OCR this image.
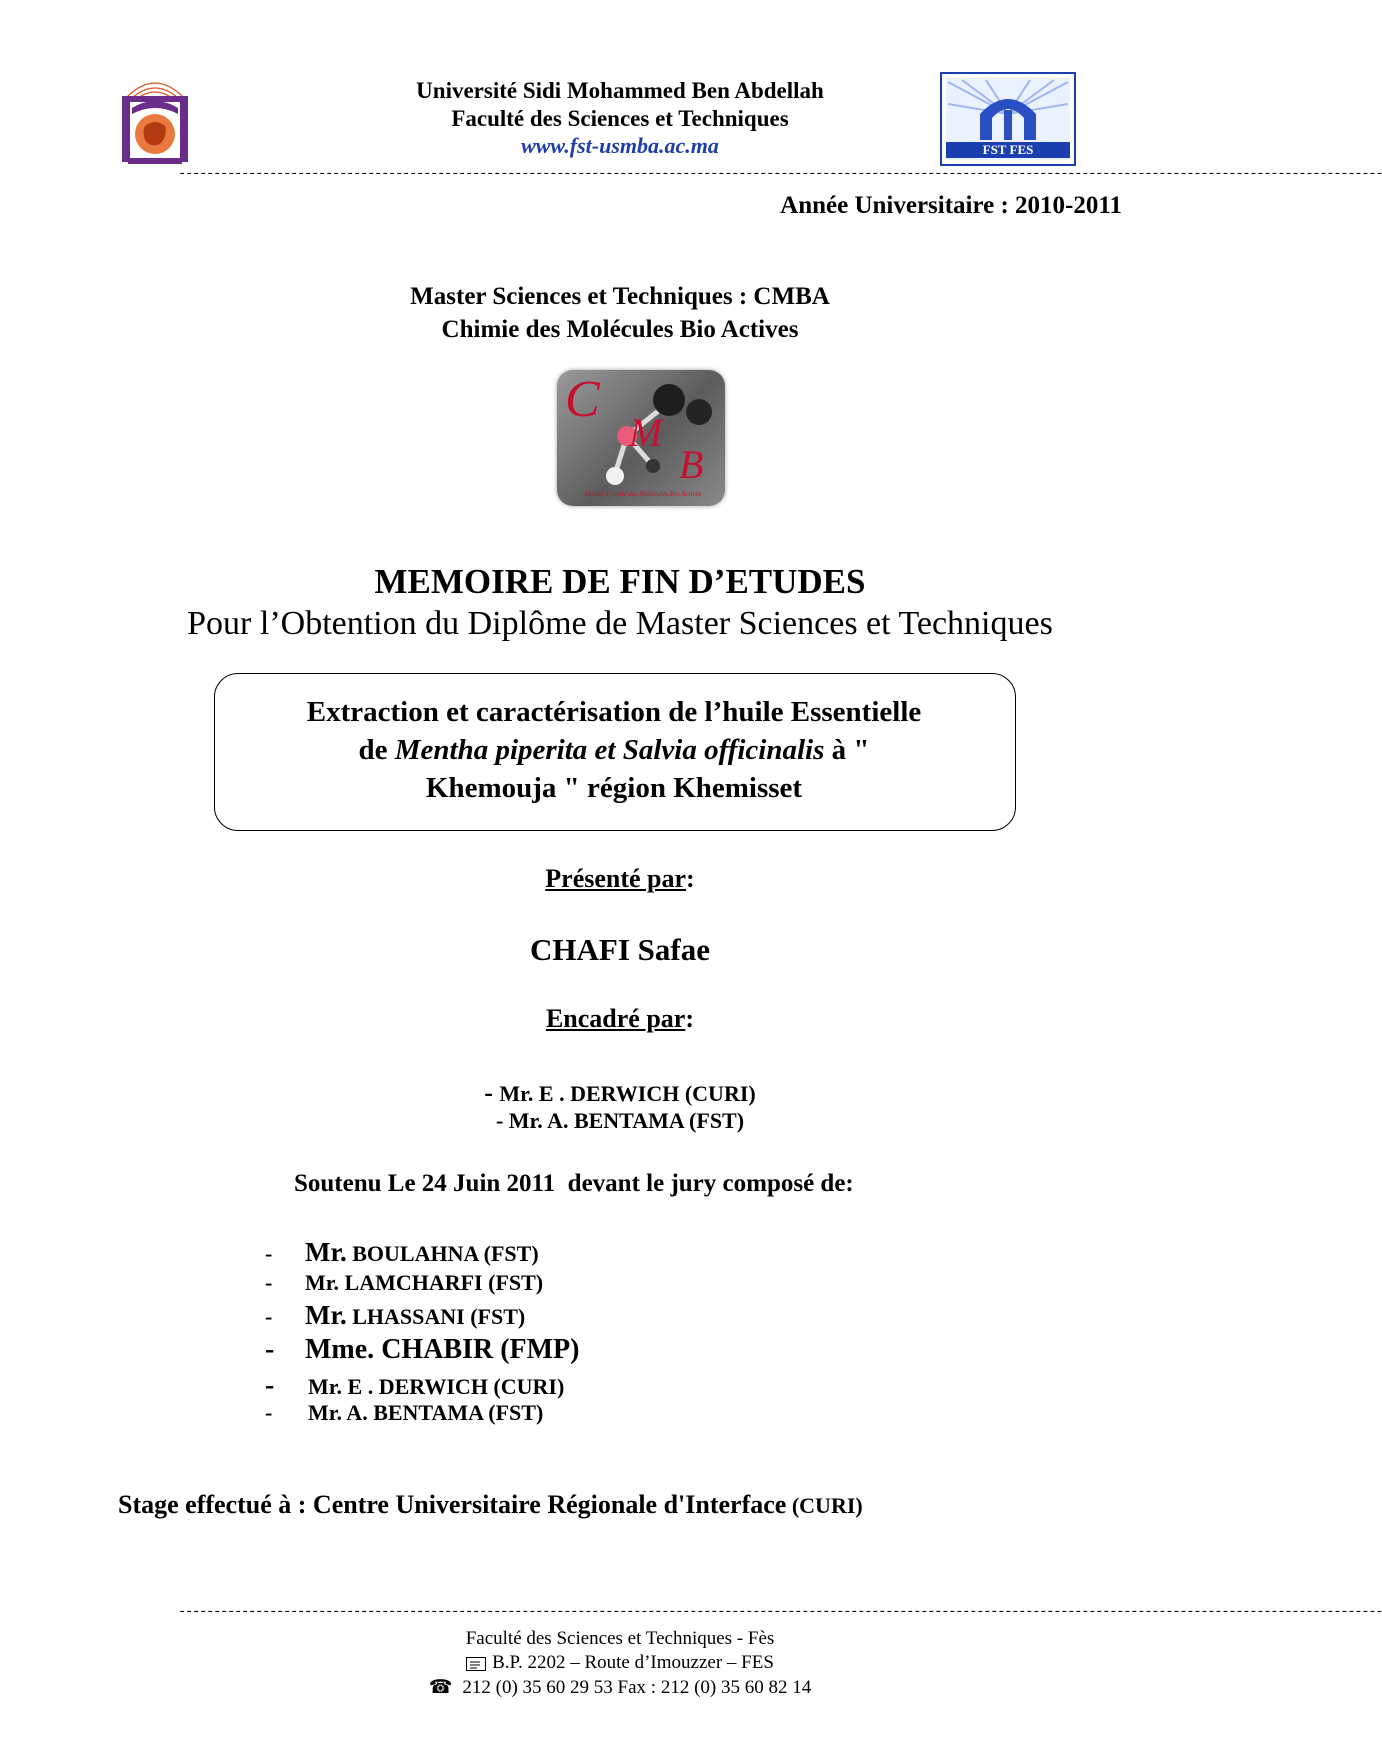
Université Sidi Mohammed Ben Abdellah
Faculté des Sciences et Techniques
www.fst-usmba.ac.ma	FST FES
----------------------------------------------------------------------------------------------------------------------------------------------------------------------------
Année Universitaire : 2010-2011
Master Sciences et Techniques : CMBA
Chimie des Molécules Bio Actives
C
M
B
Master Chimie des Molécules Bio Actives
MEMOIRE DE FIN D’ETUDES
Pour l’Obtention du Diplôme de Master Sciences et Techniques
Extraction et caractérisation de l’huile Essentielle
de Mentha piperita et Salvia officinalis à "
Khemouja " région Khemisset
Présenté par:
CHAFI Safae
Encadré par:
- Mr. E . DERWICH (CURI)
- Mr. A. BENTAMA (FST)
Soutenu Le 24 Juin 2011  devant le jury composé de:
- Mr. BOULAHNA (FST)
- Mr. LAMCHARFI (FST)
- Mr. LHASSANI (FST)
- Mme. CHABIR (FMP)
- Mr. E . DERWICH (CURI)
- Mr. A. BENTAMA (FST)
Stage effectué à : Centre Universitaire Régionale d'Interface (CURI)
----------------------------------------------------------------------------------------------------------------------------------------------------------------------------
Faculté des Sciences et Techniques - Fès
B.P. 2202 – Route d’Imouzzer – FES
☎ 212 (0) 35 60 29 53 Fax : 212 (0) 35 60 82 14
